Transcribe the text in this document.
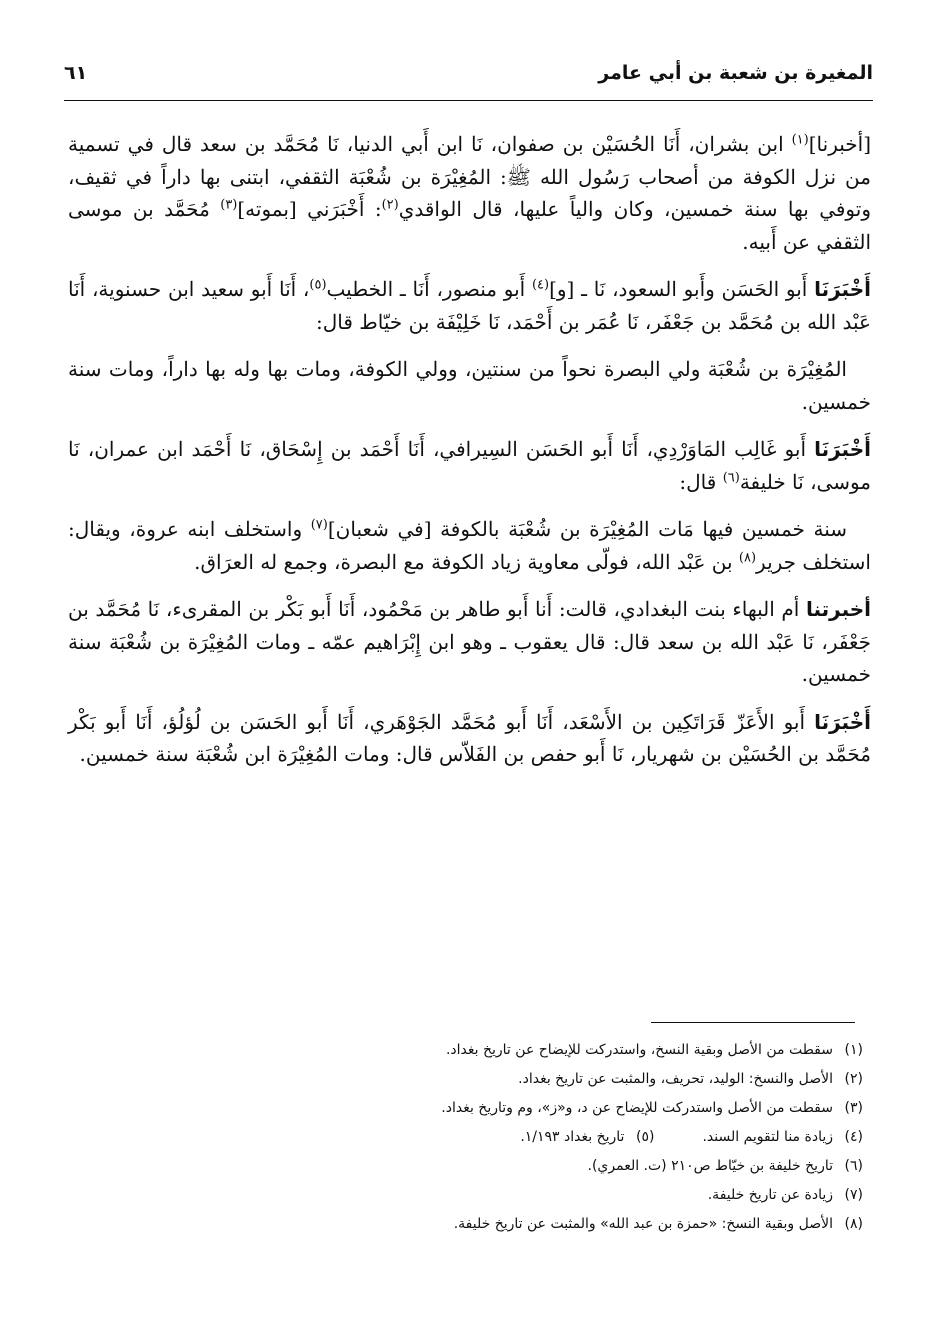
المغيرة بن شعبة بن أبي عامر
٦١

[أخبرنا]$^{(١)}$ ابن بشران، أَنَا الحُسَيْن بن صفوان، نَا ابن أَبي الدنيا، نَا مُحَمَّد بن سعد قال في تسمية من نزل الكوفة من أصحاب رَسُول الله ﷺ: المُغِيْرَة بن شُعْبَة الثقفي، ابتنى بها داراً في ثقيف، وتوفي بها سنة خمسين، وكان والياً عليها، قال الواقدي$^{(٢)}$: أَخْبَرَني [بموته]$^{(٣)}$ مُحَمَّد بن موسى الثقفي عن أَبيه.

أَخْبَرَنَا أَبو الحَسَن وأَبو السعود، نَا ـ [و]$^{(٤)}$ أَبو منصور، أَنَا ـ الخطيب$^{(٥)}$، أَنَا أَبو سعيد ابن حسنوية، أَنَا عَبْد الله بن مُحَمَّد بن جَعْفَر، نَا عُمَر بن أَحْمَد، نَا خَلِيْفَة بن خيّاط قال:

المُغِيْرَة بن شُعْبَة ولي البصرة نحواً من سنتين، وولي الكوفة، ومات بها وله بها داراً، ومات سنة خمسين.

أَخْبَرَنَا أَبو غَالِب المَاوَرْدِي، أَنَا أَبو الحَسَن السِيرافي، أَنَا أَحْمَد بن إِسْحَاق، نَا أَحْمَد ابن عمران، نَا موسى، نَا خليفة$^{(٦)}$ قال:

سنة خمسين فيها مَات المُغِيْرَة بن شُعْبَة بالكوفة [في شعبان]$^{(٧)}$ واستخلف ابنه عروة، ويقال: استخلف جرير$^{(٨)}$ بن عَبْد الله، فولّى معاوية زياد الكوفة مع البصرة، وجمع له العرَاق.

أخبرتنا أم البهاء بنت البغدادي، قالت: أَنا أَبو طاهر بن مَحْمُود، أَنَا أَبو بَكْر بن المقرىء، نَا مُحَمَّد بن جَعْفَر، نَا عَبْد الله بن سعد قال: قال يعقوب ـ وهو ابن إِبْرَاهيم عمّه ـ ومات المُغِيْرَة بن شُعْبَة سنة خمسين.

أَخْبَرَنَا أَبو الأَعَزّ قَرَاتَكِين بن الأَسْعَد، أَنَا أَبو مُحَمَّد الجَوْهَري، أَنَا أَبو الحَسَن بن لُؤلُؤ، أَنَا أَبو بَكْر مُحَمَّد بن الحُسَيْن بن شهريار، نَا أَبو حفص بن الفَلاّس قال: ومات المُغِيْرَة ابن شُعْبَة سنة خمسين.

(١)سقطت من الأصل وبقية النسخ، واستدركت للإيضاح عن تاريخ بغداد.
(٢)الأصل والنسخ: الوليد، تحريف، والمثبت عن تاريخ بغداد.
(٣)سقطت من الأصل واستدركت للإيضاح عن د، و«ز»، وم وتاريخ بغداد.
(٤)زيادة منا لتقويم السند.(٥)تاريخ بغداد ١/١٩٣.
(٦)تاريخ خليفة بن خيّاط ص٢١٠ (ت. العمري).
(٧)زيادة عن تاريخ خليفة.
(٨)الأصل وبقية النسخ: «حمزة بن عبد الله» والمثبت عن تاريخ خليفة.
